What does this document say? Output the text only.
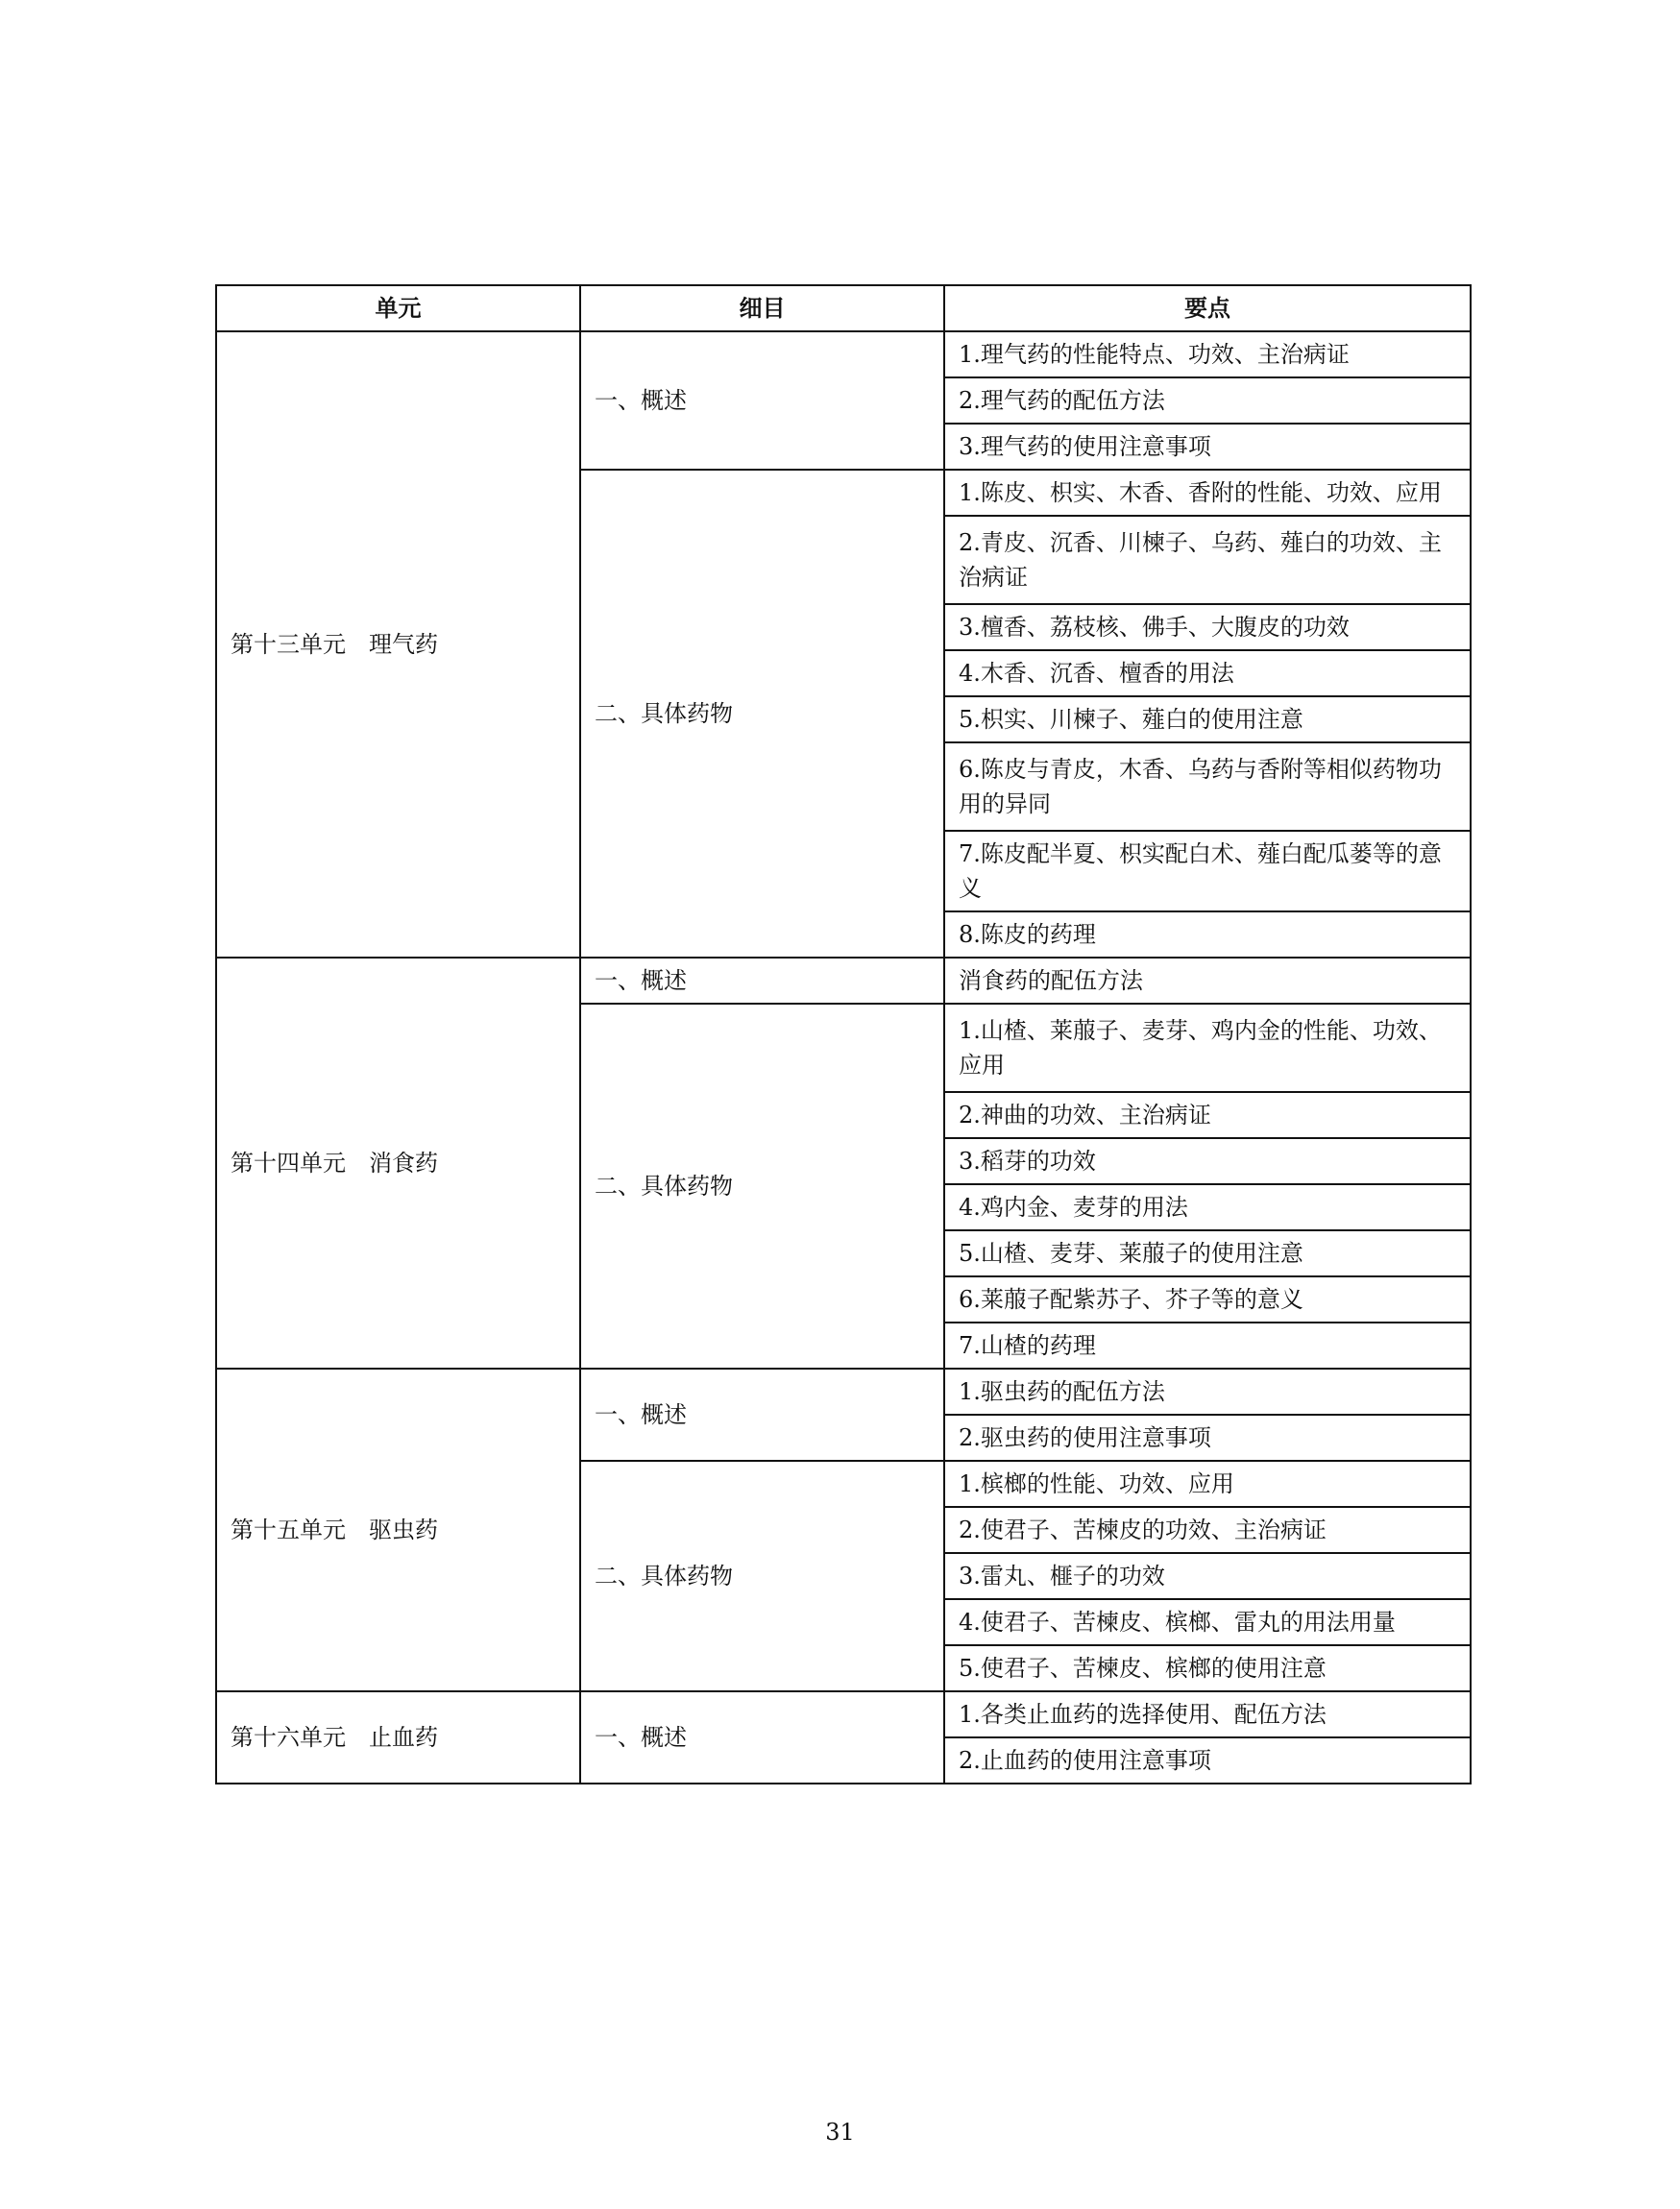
单元	细目	要点
第十三单元　理气药	一、概述	1.理气药的性能特点、功效、主治病证
		2.理气药的配伍方法
		3.理气药的使用注意事项
	二、具体药物	1.陈皮、枳实、木香、香附的性能、功效、应用
		2.青皮、沉香、川楝子、乌药、薤白的功效、主治病证
		3.檀香、荔枝核、佛手、大腹皮的功效
		4.木香、沉香、檀香的用法
		5.枳实、川楝子、薤白的使用注意
		6.陈皮与青皮，木香、乌药与香附等相似药物功用的异同
		7.陈皮配半夏、枳实配白术、薤白配瓜蒌等的意义
		8.陈皮的药理
第十四单元　消食药	一、概述	消食药的配伍方法
	二、具体药物	1.山楂、莱菔子、麦芽、鸡内金的性能、功效、应用
		2.神曲的功效、主治病证
		3.稻芽的功效
		4.鸡内金、麦芽的用法
		5.山楂、麦芽、莱菔子的使用注意
		6.莱菔子配紫苏子、芥子等的意义
		7.山楂的药理
第十五单元　驱虫药	一、概述	1.驱虫药的配伍方法
		2.驱虫药的使用注意事项
	二、具体药物	1.槟榔的性能、功效、应用
		2.使君子、苦楝皮的功效、主治病证
		3.雷丸、榧子的功效
		4.使君子、苦楝皮、槟榔、雷丸的用法用量
		5.使君子、苦楝皮、槟榔的使用注意
第十六单元　止血药	一、概述	1.各类止血药的选择使用、配伍方法
		2.止血药的使用注意事项
31
